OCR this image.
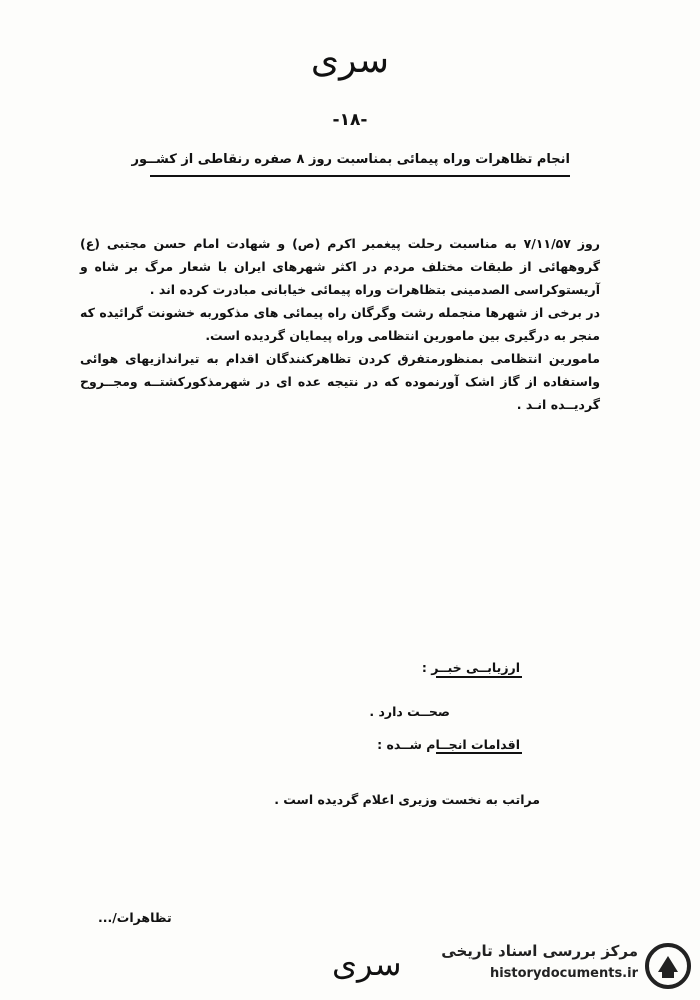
سری
-۱۸-
انجام تظاهرات وراه پیمائی بمناسبت روز ۸ صفره رنقاطی از کشــور

روز ۷/۱۱/۵۷ به مناسبت رحلت پیغمبر اکرم (ص) و شهادت امام حسن مجتبی (ع) گروههائی از طبقات مختلف مردم در اکثر شهرهای ایران با شعار مرگ بر شاه و آریستوکراسی الصدمینی بتظاهرات وراه پیمائی خیابانی مبادرت کرده اند .

در برخی از شهرها منجمله رشت وگرگان راه پیمائی های مذکوربه خشونت گرائیده که منجر به درگیری بین مامورین انتظامی وراه پیمایان گردیده است.

مامورین انتظامی بمنظورمتفرق کردن تظاهرکنندگان اقدام به تیراندازیهای هوائی واستفاده از گاز اشک آورنموده که در نتیجه عده ای در شهرمذکورکشتــه ومجــروح گردیــده انـد .

ارزیابــی خبــر :
صحــت دارد .
اقدامات انجــام شــده :
مراتب به نخست وزیری اعلام گردیده است .
تظاهرات/...
سری	مرکز بررسی اسناد تاریخی
historydocuments.ir
